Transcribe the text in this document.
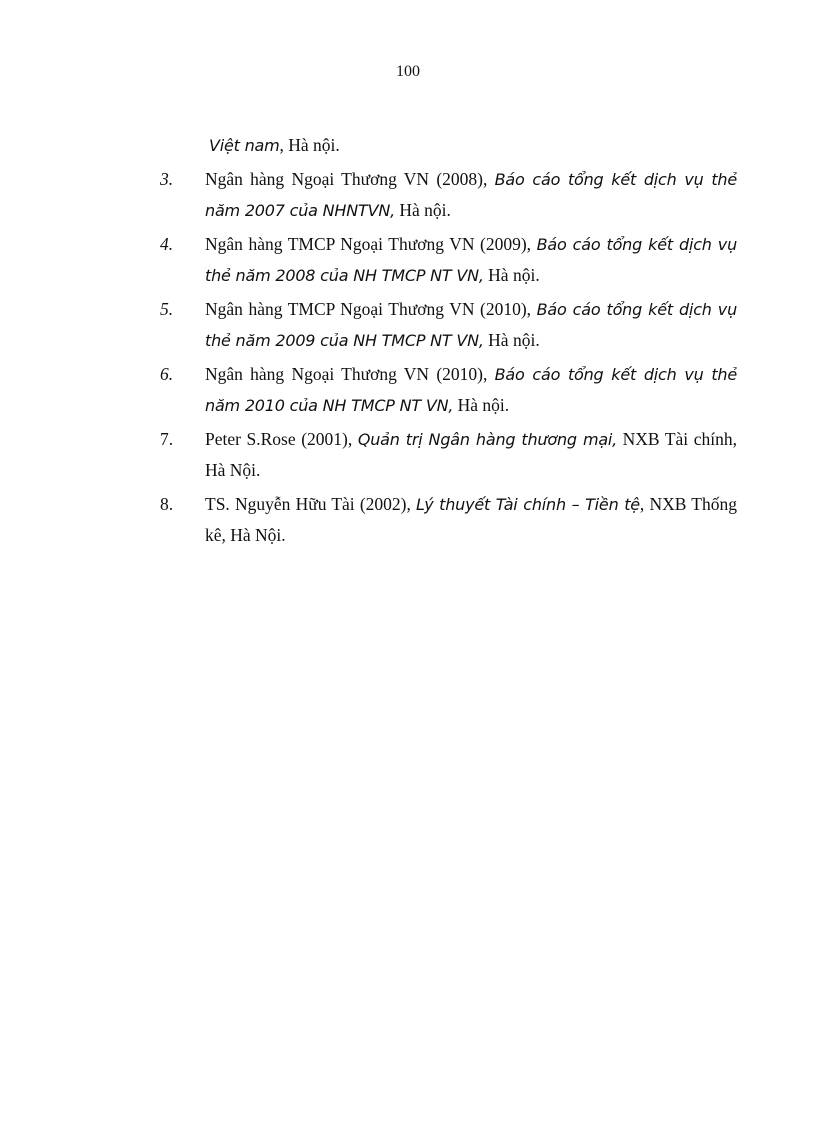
100
Việt nam, Hà nội.
3.	Ngân hàng Ngoại Thương VN (2008), Báo cáo tổng kết dịch vụ thẻ năm 2007 của NHNTVN, Hà nội.
4.	Ngân hàng TMCP Ngoại Thương VN (2009), Báo cáo tổng kết dịch vụ thẻ năm 2008 của NH TMCP NT VN, Hà nội.
5.	Ngân hàng TMCP Ngoại Thương VN (2010), Báo cáo tổng kết dịch vụ thẻ năm 2009 của NH TMCP NT VN, Hà nội.
6.	Ngân hàng Ngoại Thương VN (2010), Báo cáo tổng kết dịch vụ thẻ năm 2010 của NH TMCP NT VN, Hà nội.
7.	Peter S.Rose (2001), Quản trị Ngân hàng thương mại, NXB Tài chính, Hà Nội.
8.	TS. Nguyễn Hữu Tài (2002), Lý thuyết Tài chính – Tiền tệ, NXB Thống kê, Hà Nội.
